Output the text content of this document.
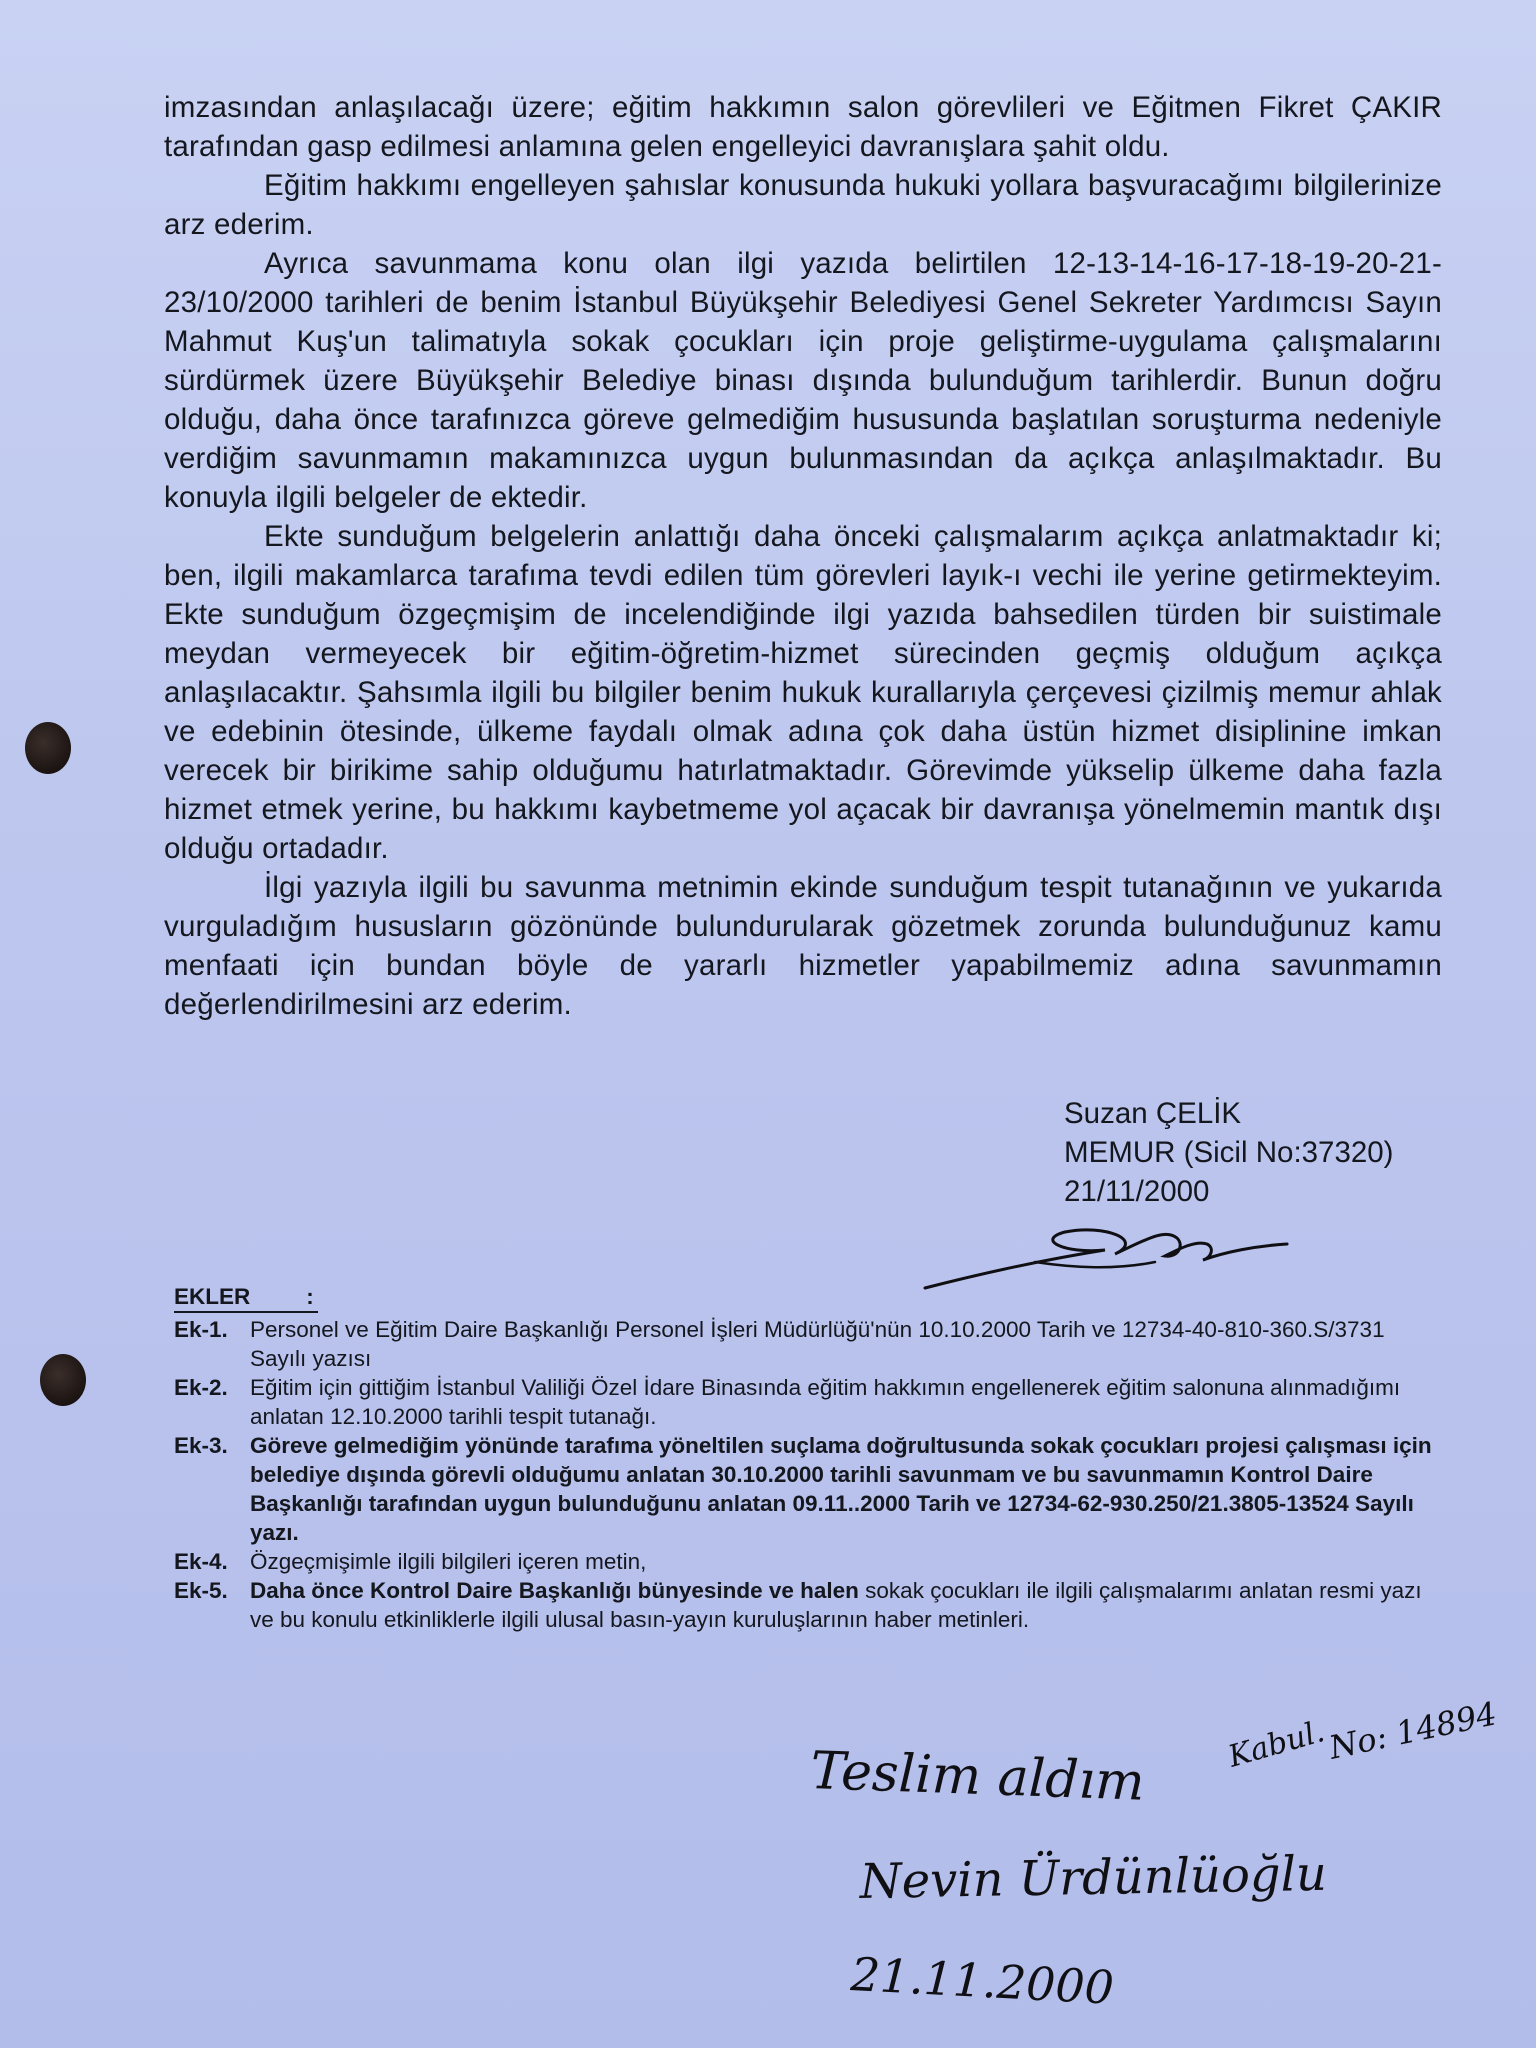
imzasından anlaşılacağı üzere; eğitim hakkımın salon görevlileri ve Eğitmen Fikret ÇAKIR tarafından gasp edilmesi anlamına gelen engelleyici davranışlara şahit oldu.

Eğitim hakkımı engelleyen şahıslar konusunda hukuki yollara başvuracağımı bilgilerinize arz ederim.

Ayrıca savunmama konu olan ilgi yazıda belirtilen 12-13-14-16-17-18-19-20-21-23/10/2000 tarihleri de benim İstanbul Büyükşehir Belediyesi Genel Sekreter Yardımcısı Sayın Mahmut Kuş'un talimatıyla sokak çocukları için proje geliştirme-uygulama çalışmalarını sürdürmek üzere Büyükşehir Belediye binası dışında bulunduğum tarihlerdir. Bunun doğru olduğu, daha önce tarafınızca göreve gelmediğim hususunda başlatılan soruşturma nedeniyle verdiğim savunmamın makamınızca uygun bulunmasından da açıkça anlaşılmaktadır. Bu konuyla ilgili belgeler de ektedir.

Ekte sunduğum belgelerin anlattığı daha önceki çalışmalarım açıkça anlatmaktadır ki; ben, ilgili makamlarca tarafıma tevdi edilen tüm görevleri layık-ı vechi ile yerine getirmekteyim. Ekte sunduğum özgeçmişim de incelendiğinde ilgi yazıda bahsedilen türden bir suistimale meydan vermeyecek bir eğitim-öğretim-hizmet sürecinden geçmiş olduğum açıkça anlaşılacaktır. Şahsımla ilgili bu bilgiler benim hukuk kurallarıyla çerçevesi çizilmiş memur ahlak ve edebinin ötesinde, ülkeme faydalı olmak adına çok daha üstün hizmet disiplinine imkan verecek bir birikime sahip olduğumu hatırlatmaktadır. Görevimde yükselip ülkeme daha fazla hizmet etmek yerine, bu hakkımı kaybetmeme yol açacak bir davranışa yönelmemin mantık dışı olduğu ortadadır.

İlgi yazıyla ilgili bu savunma metnimin ekinde sunduğum tespit tutanağının ve yukarıda vurguladığım hususların gözönünde bulundurularak gözetmek zorunda bulunduğunuz kamu menfaati için bundan böyle de yararlı hizmetler yapabilmemiz adına savunmamın değerlendirilmesini arz ederim.

Suzan ÇELİK
MEMUR (Sicil No:37320)
21/11/2000
EKLER :
Ek-1. Personel ve Eğitim Daire Başkanlığı Personel İşleri Müdürlüğü'nün 10.10.2000 Tarih ve 12734-40-810-360.S/3731 Sayılı yazısı
Ek-2. Eğitim için gittiğim İstanbul Valiliği Özel İdare Binasında eğitim hakkımın engellenerek eğitim salonuna alınmadığımı anlatan 12.10.2000 tarihli tespit tutanağı.
Ek-3. Göreve gelmediğim yönünde tarafıma yöneltilen suçlama doğrultusunda sokak çocukları projesi çalışması için belediye dışında görevli olduğumu anlatan 30.10.2000 tarihli savunmam ve bu savunmamın Kontrol Daire Başkanlığı tarafından uygun bulunduğunu anlatan 09.11..2000 Tarih ve 12734-62-930.250/21.3805-13524 Sayılı yazı.
Ek-4. Özgeçmişimle ilgili bilgileri içeren metin,
Ek-5. Daha önce Kontrol Daire Başkanlığı bünyesinde ve halen sokak çocukları ile ilgili çalışmalarımı anlatan resmi yazı ve bu konulu etkinliklerle ilgili ulusal basın-yayın kuruluşlarının haber metinleri.
Kabul.
No: 14894
Teslim aldım
Nevin Ürdünlüoğlu
21.11.2000
